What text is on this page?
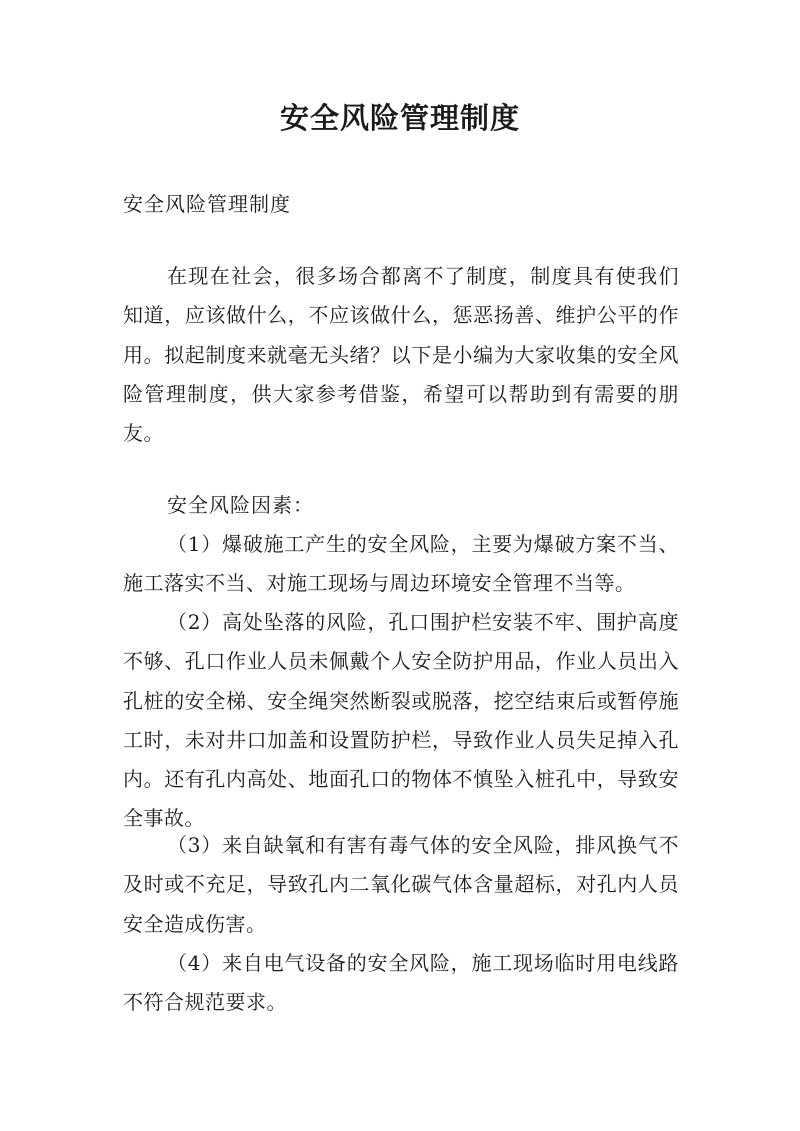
安全风险管理制度

安全风险管理制度

在现在社会，很多场合都离不了制度，制度具有使我们知道，应该做什么，不应该做什么，惩恶扬善、维护公平的作用。拟起制度来就毫无头绪？以下是小编为大家收集的安全风险管理制度，供大家参考借鉴，希望可以帮助到有需要的朋友。

安全风险因素：

（1）爆破施工产生的安全风险，主要为爆破方案不当、施工落实不当、对施工现场与周边环境安全管理不当等。

（2）高处坠落的风险，孔口围护栏安装不牢、围护高度不够、孔口作业人员未佩戴个人安全防护用品，作业人员出入孔桩的安全梯、安全绳突然断裂或脱落，挖空结束后或暂停施工时，未对井口加盖和设置防护栏，导致作业人员失足掉入孔内。还有孔内高处、地面孔口的物体不慎坠入桩孔中，导致安全事故。

（3）来自缺氧和有害有毒气体的安全风险，排风换气不及时或不充足，导致孔内二氧化碳气体含量超标，对孔内人员安全造成伤害。

（4）来自电气设备的安全风险，施工现场临时用电线路不符合规范要求。
